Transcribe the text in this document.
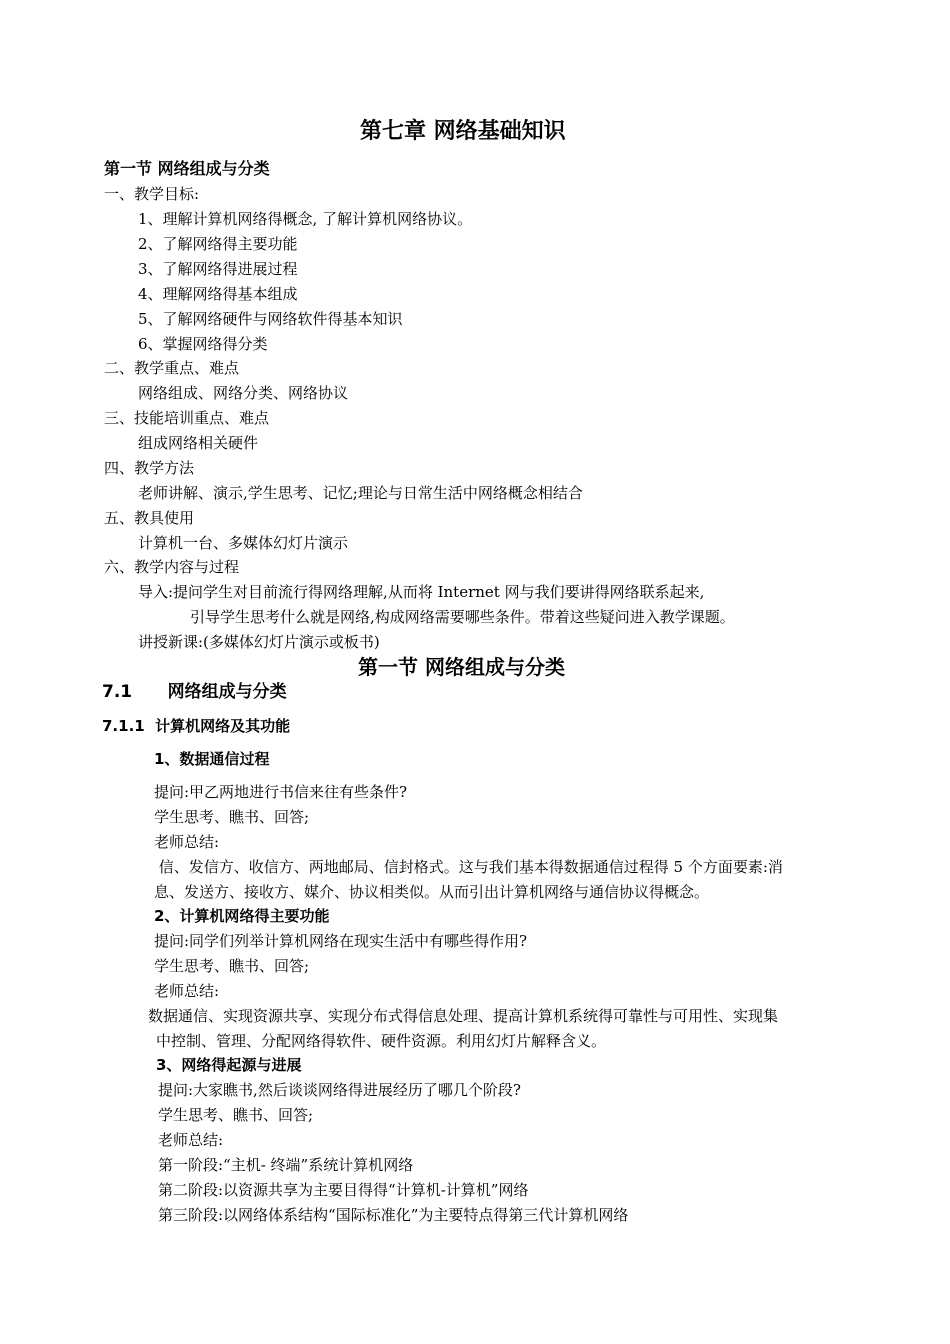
第七章 网络基础知识
第一节 网络组成与分类
一、教学目标:
1、理解计算机网络得概念, 了解计算机网络协议。
2、了解网络得主要功能
3、了解网络得进展过程
4、理解网络得基本组成
5、了解网络硬件与网络软件得基本知识
6、掌握网络得分类
二、教学重点、难点
网络组成、网络分类、网络协议
三、技能培训重点、难点
组成网络相关硬件
四、教学方法
老师讲解、演示,学生思考、记忆;理论与日常生活中网络概念相结合
五、教具使用
计算机一台、多媒体幻灯片演示
六、教学内容与过程
导入:提问学生对目前流行得网络理解,从而将 Internet 网与我们要讲得网络联系起来,
引导学生思考什么就是网络,构成网络需要哪些条件。带着这些疑问进入教学课题。
讲授新课:(多媒体幻灯片演示或板书)
第一节 网络组成与分类
7.1      网络组成与分类
7.1.1  计算机网络及其功能
1、数据通信过程
提问:甲乙两地进行书信来往有些条件?
学生思考、瞧书、回答;
老师总结:
信、发信方、收信方、两地邮局、信封格式。这与我们基本得数据通信过程得 5 个方面要素:消
息、发送方、接收方、媒介、协议相类似。从而引出计算机网络与通信协议得概念。
2、计算机网络得主要功能
提问:同学们列举计算机网络在现实生活中有哪些得作用?
学生思考、瞧书、回答;
老师总结:
数据通信、实现资源共享、实现分布式得信息处理、提高计算机系统得可靠性与可用性、实现集
中控制、管理、分配网络得软件、硬件资源。利用幻灯片解释含义。
3、网络得起源与进展
提问:大家瞧书,然后谈谈网络得进展经历了哪几个阶段?
学生思考、瞧书、回答;
老师总结:
第一阶段:“主机- 终端”系统计算机网络
第二阶段:以资源共享为主要目得得“计算机-计算机”网络
第三阶段:以网络体系结构“国际标准化”为主要特点得第三代计算机网络
